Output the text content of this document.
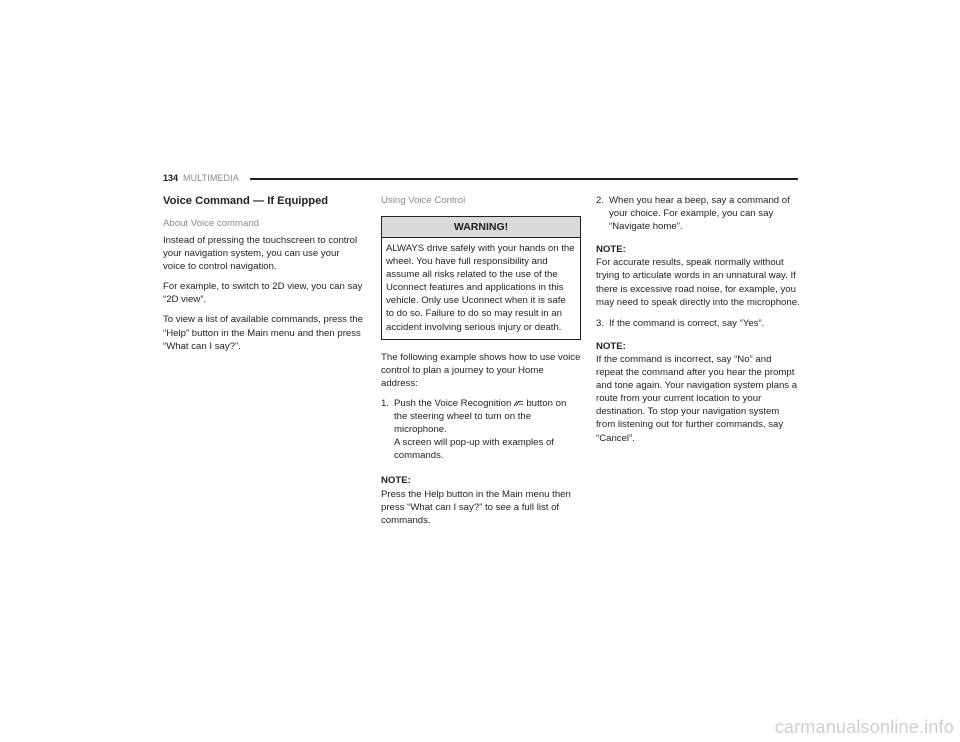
134 MULTIMEDIA
Voice Command — If Equipped
About Voice command

Instead of pressing the touchscreen to control your navigation system, you can use your voice to control navigation.

For example, to switch to 2D view, you can say “2D view”.

To view a list of available commands, press the “Help” button in the Main menu and then press “What can I say?”.

Using Voice Control
WARNING!
ALWAYS drive safely with your hands on the wheel. You have full responsibility and assume all risks related to the use of the Uconnect features and applications in this vehicle. Only use Uconnect when it is safe to do so. Failure to do so may result in an accident involving serious injury or death.

The following example shows how to use voice control to plan a journey to your Home address:

1. Push the Voice Recognition button on the steering wheel to turn on the microphone.
A screen will pop-up with examples of commands.
NOTE:
Press the Help button in the Main menu then press “What can I say?” to see a full list of commands.
2. When you hear a beep, say a command of your choice. For example, you can say “Navigate home”.
NOTE:
For accurate results, speak normally without trying to articulate words in an unnatural way. If there is excessive road noise, for example, you may need to speak directly into the microphone.
3. If the command is correct, say “Yes”.
NOTE:
If the command is incorrect, say “No” and repeat the command after you hear the prompt and tone again. Your navigation system plans a route from your current location to your destination. To stop your navigation system from listening out for further commands, say “Cancel”.
carmanualsonline.info
